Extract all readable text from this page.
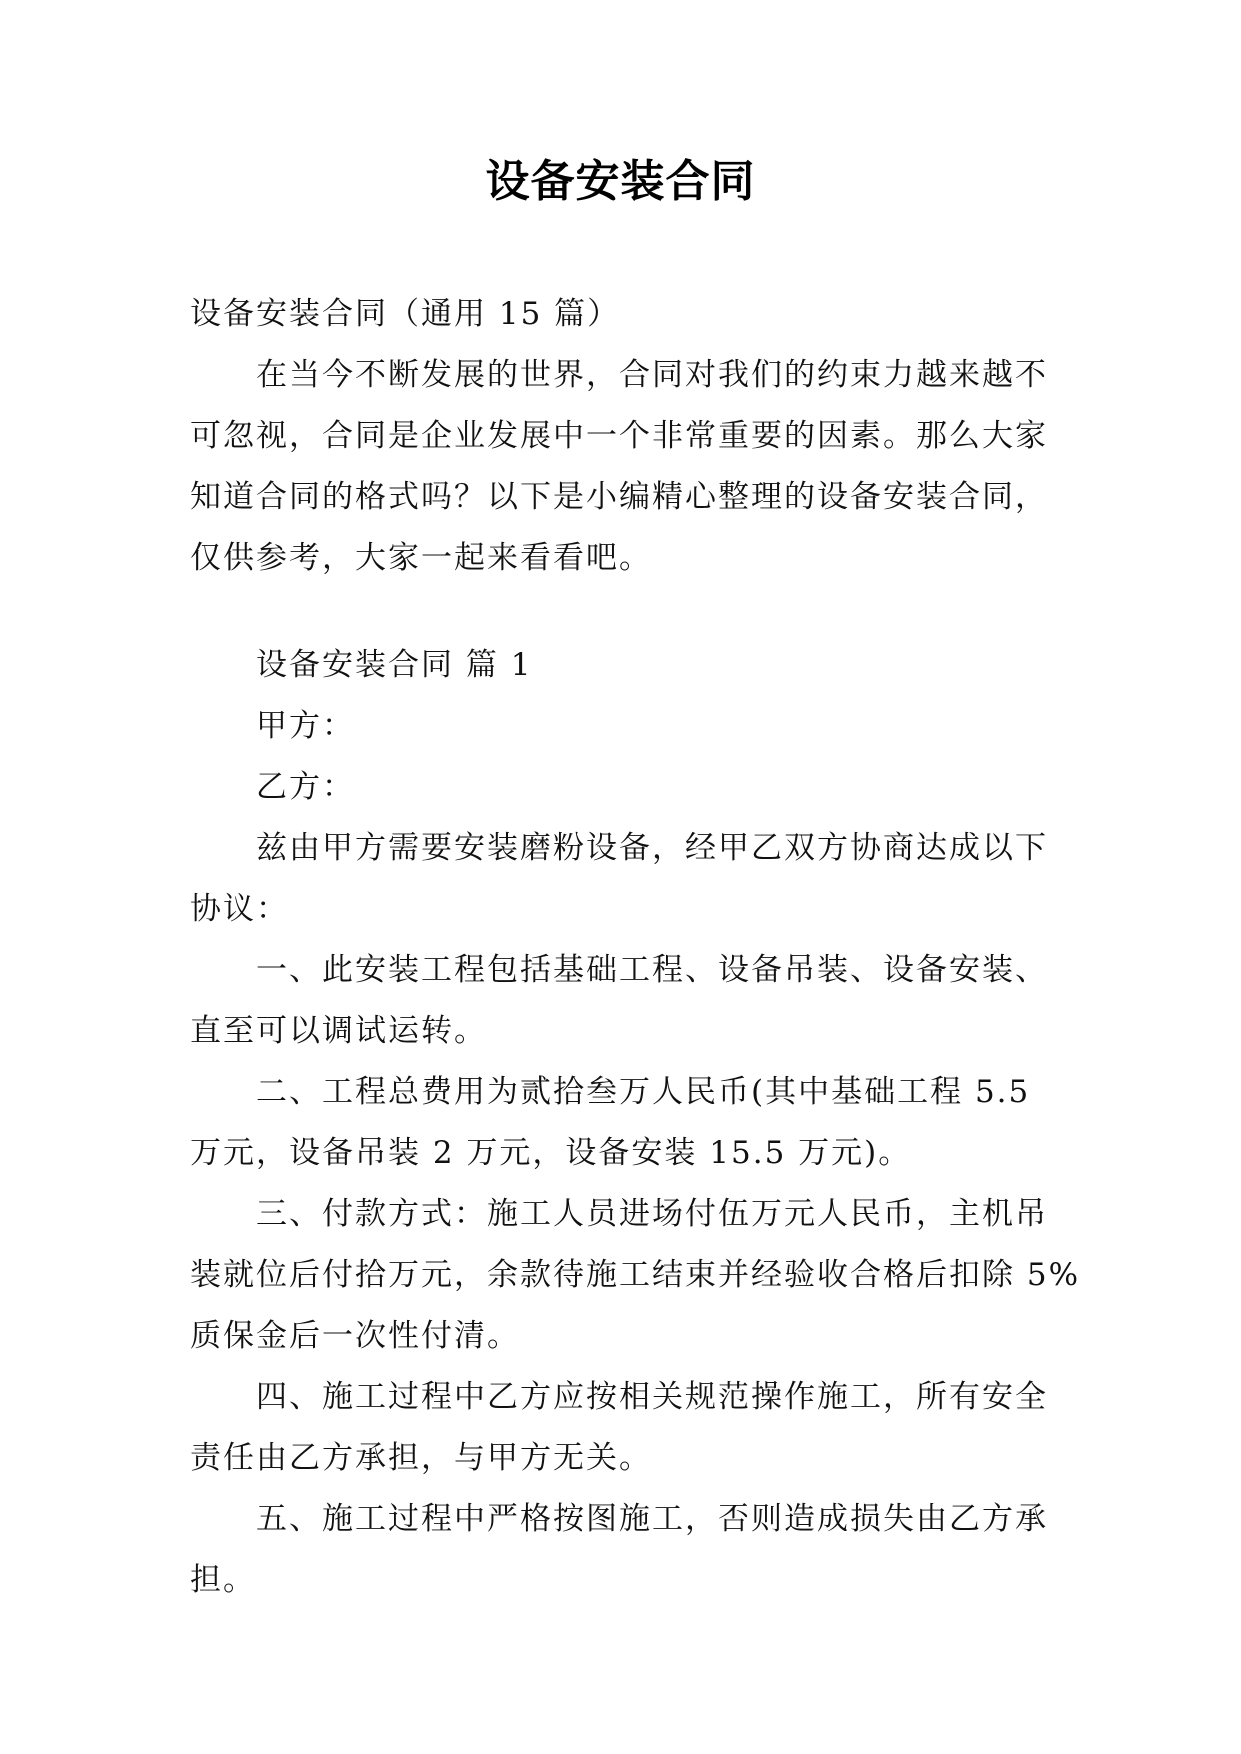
设备安装合同
设备安装合同（通用 15 篇）
在当今不断发展的世界，合同对我们的约束力越来越不
可忽视，合同是企业发展中一个非常重要的因素。那么大家
知道合同的格式吗？以下是小编精心整理的设备安装合同，
仅供参考，大家一起来看看吧。
设备安装合同 篇 1
甲方：
乙方：
兹由甲方需要安装磨粉设备，经甲乙双方协商达成以下
协议：
一、此安装工程包括基础工程、设备吊装、设备安装、
直至可以调试运转。
二、工程总费用为贰拾叁万人民币(其中基础工程 5.5
万元，设备吊装 2 万元，设备安装 15.5 万元)。
三、付款方式：施工人员进场付伍万元人民币，主机吊
装就位后付拾万元，余款待施工结束并经验收合格后扣除 5%
质保金后一次性付清。
四、施工过程中乙方应按相关规范操作施工，所有安全
责任由乙方承担，与甲方无关。
五、施工过程中严格按图施工，否则造成损失由乙方承
担。
